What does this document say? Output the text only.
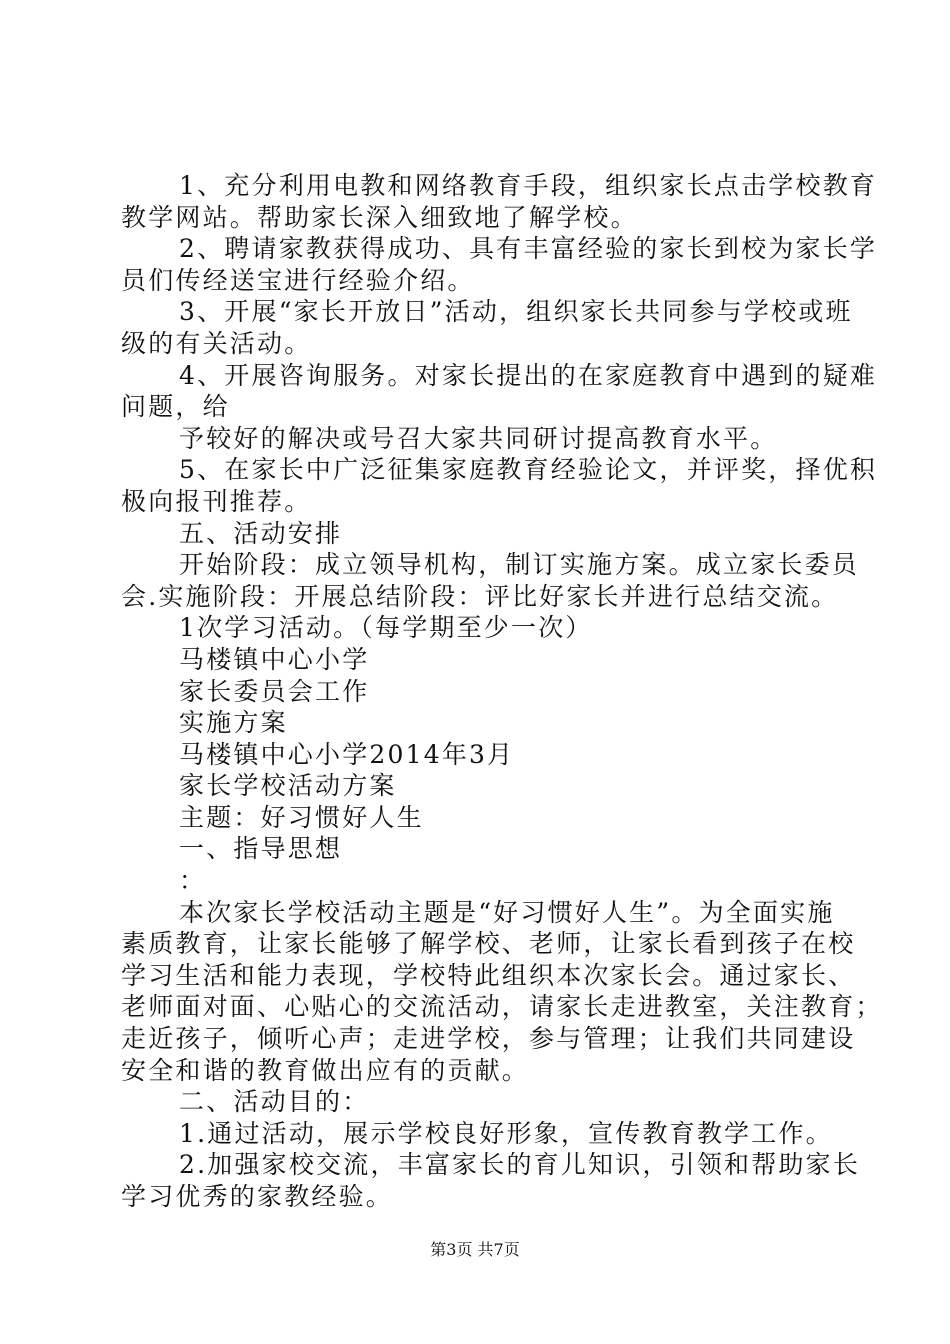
1、充分利用电教和网络教育手段，组织家长点击学校教育
教学网站。帮助家长深入细致地了解学校。
2、聘请家教获得成功、具有丰富经验的家长到校为家长学
员们传经送宝进行经验介绍。
3、开展“家长开放日”活动，组织家长共同参与学校或班
级的有关活动。
4、开展咨询服务。对家长提出的在家庭教育中遇到的疑难
问题，给
予较好的解决或号召大家共同研讨提高教育水平。
5、在家长中广泛征集家庭教育经验论文，并评奖，择优积
极向报刊推荐。
五、活动安排
开始阶段：成立领导机构，制订实施方案。成立家长委员
会.实施阶段：开展总结阶段：评比好家长并进行总结交流。
1次学习活动。（每学期至少一次）
马楼镇中心小学
家长委员会工作
实施方案
马楼镇中心小学2014年3月
家长学校活动方案
主题：好习惯好人生
一、指导思想
：
本次家长学校活动主题是“好习惯好人生”。为全面实施
素质教育，让家长能够了解学校、老师，让家长看到孩子在校
学习生活和能力表现，学校特此组织本次家长会。通过家长、
老师面对面、心贴心的交流活动，请家长走进教室，关注教育；
走近孩子，倾听心声；走进学校，参与管理；让我们共同建设
安全和谐的教育做出应有的贡献。
二、活动目的：
1.通过活动，展示学校良好形象，宣传教育教学工作。
2.加强家校交流，丰富家长的育儿知识，引领和帮助家长
学习优秀的家教经验。
第3页 共7页
